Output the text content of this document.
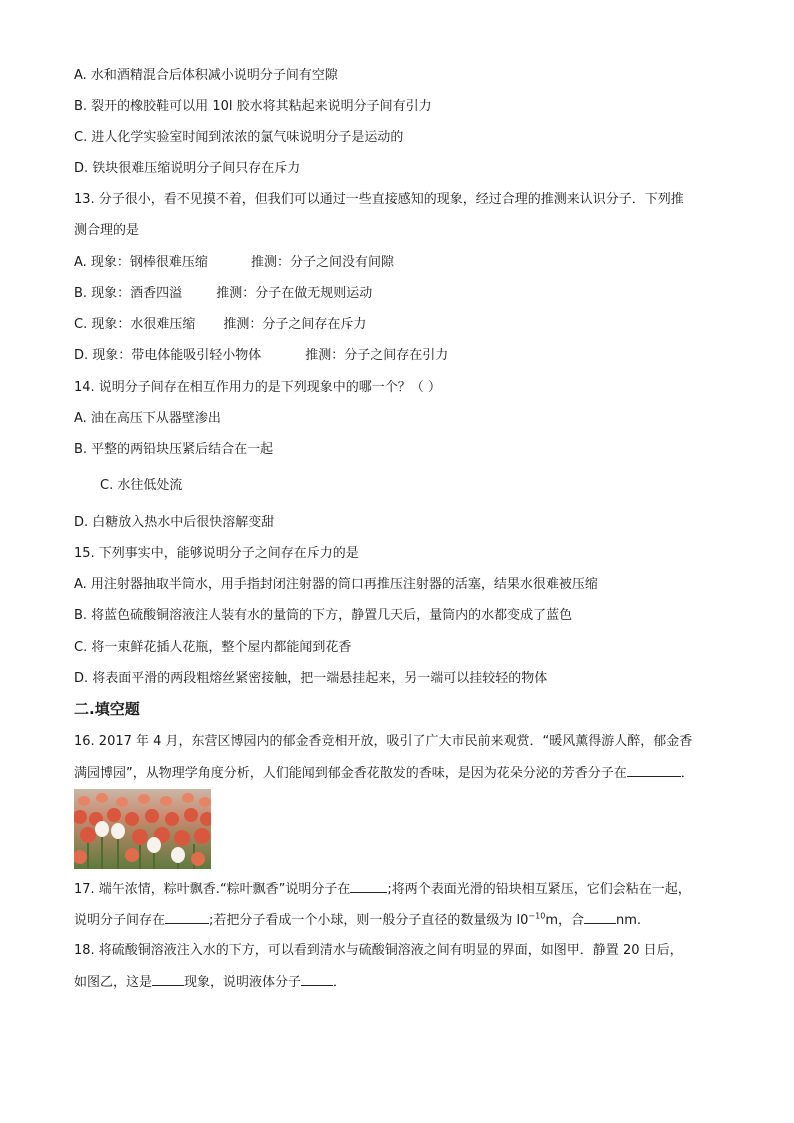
A. 水和酒精混合后体积减小说明分子间有空隙
B. 裂开的橡胶鞋可以用 10l 胶水将其粘起来说明分子间有引力
C. 进人化学实验室时闻到浓浓的氯气味说明分子是运动的
D. 铁块很难压缩说明分子间只存在斥力
13. 分子很小，看不见摸不着，但我们可以通过一些直接感知的现象，经过合理的推测来认识分子．下列推
测合理的是
A. 现象：钢棒很难压缩	推测：分子之间没有间隙
B. 现象：酒香四溢	推测：分子在做无规则运动
C. 现象：水很难压缩 推测：分子之间存在斥力
D. 现象：带电体能吸引轻小物体	推测：分子之间存在引力
14. 说明分子间存在相互作用力的是下列现象中的哪一个？（ ）
A. 油在高压下从器壁渗出
B. 平整的两铅块压紧后结合在一起
C. 水往低处流
D. 白糖放入热水中后很快溶解变甜
15. 下列事实中，能够说明分子之间存在斥力的是
A. 用注射器抽取半筒水，用手指封闭注射器的筒口再推压注射器的活塞，结果水很难被压缩
B. 将蓝色硫酸铜溶液注人装有水的量筒的下方，静置几天后，量筒内的水都变成了蓝色
C. 将一束鲜花插人花瓶，整个屋内都能闻到花香
D. 将表面平滑的两段粗熔丝紧密接触，把一端悬挂起来，另一端可以挂较轻的物体
二.填空题
16. 2017 年 4 月，东营区博园内的郁金香竞相开放，吸引了广大市民前来观赏．“暖风薰得游人醉，郁金香
满园博园”，从物理学角度分析，人们能闻到郁金香花散发的香味，是因为花朵分泌的芳香分子在	．
17. 端午浓情，粽叶飘香.“粽叶飘香”说明分子在	;将两个表面光滑的铅块相互紧压，它们会粘在一起，
说明分子间存在	;若把分子看成一个小球，则一般分子直径的数量级为 $l0^{-10}m$，合 nm.
18. 将硫酸铜溶液注入水的下方，可以看到清水与硫酸铜溶液之间有明显的界面，如图甲．静置 20 日后，
如图乙，这是 现象，说明液体分子 ．
